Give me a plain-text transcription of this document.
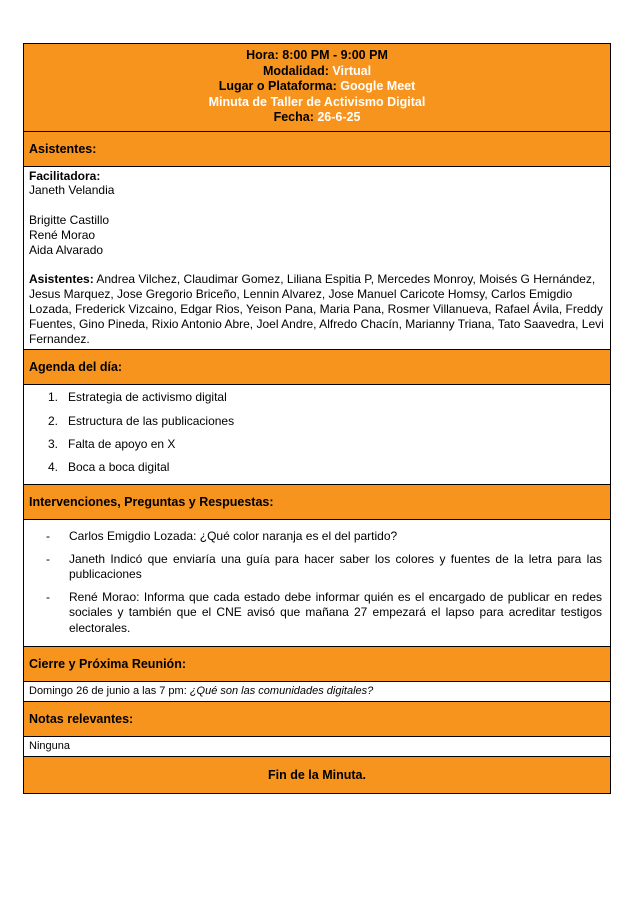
Hora: 8:00 PM - 9:00 PM
Modalidad: Virtual
Lugar o Plataforma: Google Meet
Minuta de Taller de Activismo Digital
Fecha: 26-6-25
Asistentes:
Facilitadora:
Janeth Velandia
Brigitte Castillo
René Morao
Aida Alvarado
Asistentes: Andrea Vilchez, Claudimar Gomez, Liliana Espitia P, Mercedes Monroy, Moisés G Hernández, Jesus Marquez, Jose Gregorio Briceño, Lennin Alvarez, Jose Manuel Caricote Homsy, Carlos Emigdio Lozada, Frederick Vizcaino, Edgar Rios, Yeison Pana, Maria Pana, Rosmer Villanueva, Rafael Ávila, Freddy Fuentes, Gino Pineda, Rixio Antonio Abre, Joel Andre, Alfredo Chacín, Marianny Triana, Tato Saavedra, Levi Fernandez.
Agenda del día:
1. Estrategia de activismo digital
2. Estructura de las publicaciones
3. Falta de apoyo en X
4. Boca a boca digital
Intervenciones, Preguntas y Respuestas:
-	Carlos Emigdio Lozada: ¿Qué color naranja es el del partido?
-	Janeth Indicó que enviaría una guía para hacer saber los colores y fuentes de la letra para las publicaciones
-	René Morao: Informa que cada estado debe informar quién es el encargado de publicar en redes sociales y también que el CNE avisó que mañana 27 empezará el lapso para acreditar testigos electorales.
Cierre y Próxima Reunión:
Domingo 26 de junio a las 7 pm: ¿Qué son las comunidades digitales?
Notas relevantes:
Ninguna
Fin de la Minuta.
